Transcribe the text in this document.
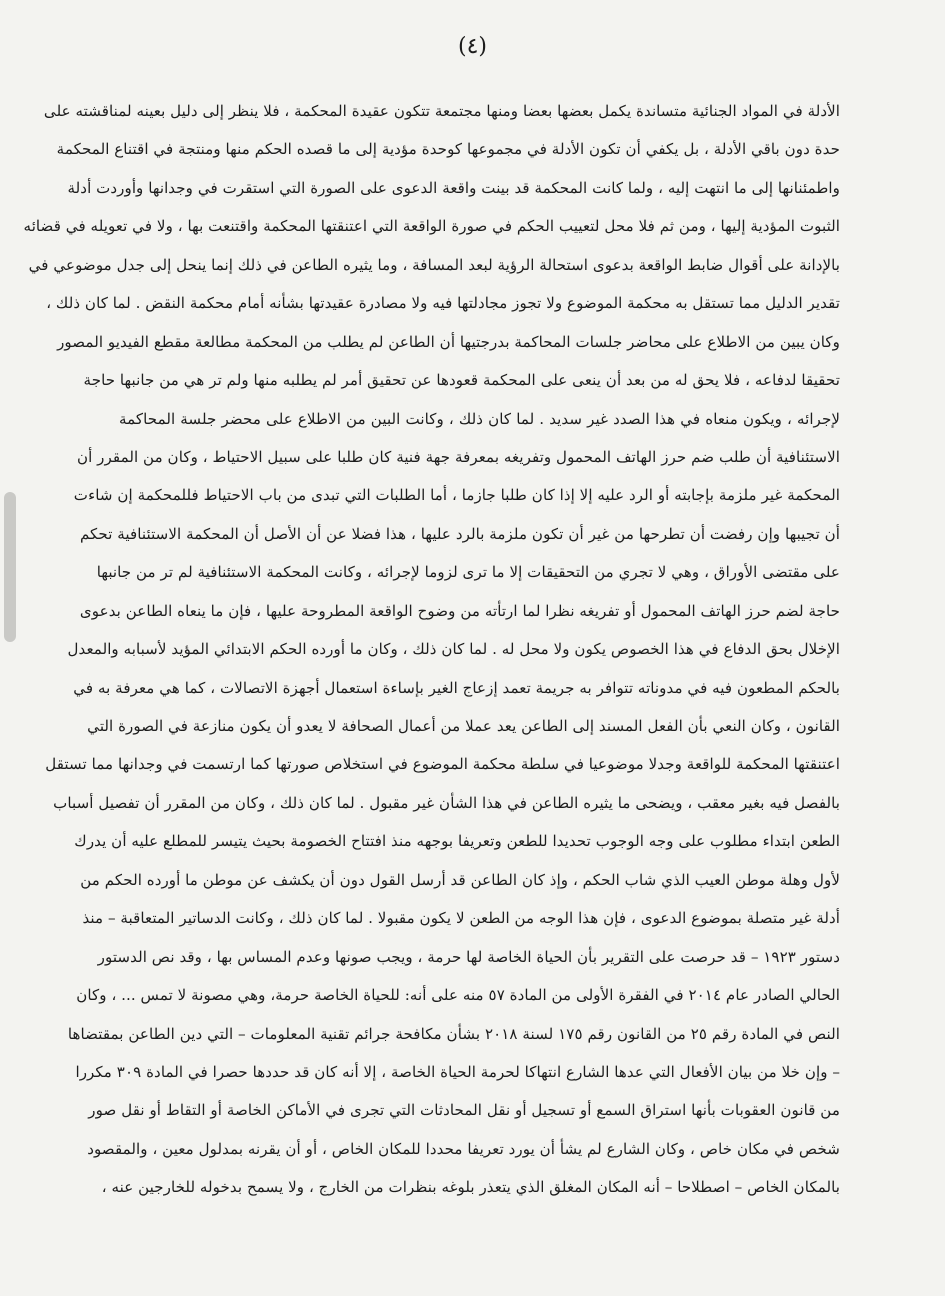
(٤)
الأدلة في المواد الجنائية متساندة يكمل بعضها بعضا ومنها مجتمعة تتكون عقيدة المحكمة ، فلا ينظر إلى دليل بعينه لمناقشته على
حدة دون باقي الأدلة ، بل يكفي أن تكون الأدلة في مجموعها كوحدة مؤدية إلى ما قصده الحكم منها ومنتجة في اقتناع المحكمة
واطمئنانها إلى ما انتهت إليه ، ولما كانت المحكمة قد بينت واقعة الدعوى على الصورة التي استقرت في وجدانها وأوردت أدلة
الثبوت المؤدية إليها ، ومن ثم فلا محل لتعييب الحكم في صورة الواقعة التي اعتنقتها المحكمة واقتنعت بها ، ولا في تعويله في قضائه
بالإدانة على أقوال ضابط الواقعة بدعوى استحالة الرؤية لبعد المسافة ، وما يثيره الطاعن في ذلك إنما ينحل إلى جدل موضوعي في
تقدير الدليل مما تستقل به محكمة الموضوع ولا تجوز مجادلتها فيه ولا مصادرة عقيدتها بشأنه أمام محكمة النقض . لما كان ذلك ،
وكان يبين من الاطلاع على محاضر جلسات المحاكمة بدرجتيها أن الطاعن لم يطلب من المحكمة مطالعة مقطع الفيديو المصور
تحقيقا لدفاعه ، فلا يحق له من بعد أن ينعى على المحكمة قعودها عن تحقيق أمر لم يطلبه منها ولم تر هي من جانبها حاجة
لإجرائه ، ويكون منعاه في هذا الصدد غير سديد . لما كان ذلك ، وكانت البين من الاطلاع على محضر جلسة المحاكمة
الاستئنافية أن طلب ضم حرز الهاتف المحمول وتفريغه بمعرفة جهة فنية كان طلبا على سبيل الاحتياط ، وكان من المقرر أن
المحكمة غير ملزمة بإجابته أو الرد عليه إلا إذا كان طلبا جازما ، أما الطلبات التي تبدى من باب الاحتياط فللمحكمة إن شاءت
أن تجيبها وإن رفضت أن تطرحها من غير أن تكون ملزمة بالرد عليها ، هذا فضلا عن أن الأصل أن المحكمة الاستئنافية تحكم
على مقتضى الأوراق ، وهي لا تجري من التحقيقات إلا ما ترى لزوما لإجرائه ، وكانت المحكمة الاستئنافية لم تر من جانبها
حاجة لضم حرز الهاتف المحمول أو تفريغه نظرا لما ارتأته من وضوح الواقعة المطروحة عليها ، فإن ما ينعاه الطاعن بدعوى
الإخلال بحق الدفاع في هذا الخصوص يكون ولا محل له . لما كان ذلك ، وكان ما أورده الحكم الابتدائي المؤيد لأسبابه والمعدل
بالحكم المطعون فيه في مدوناته تتوافر به جريمة تعمد إزعاج الغير بإساءة استعمال أجهزة الاتصالات ، كما هي معرفة به في
القانون ، وكان النعي بأن الفعل المسند إلى الطاعن يعد عملا من أعمال الصحافة لا يعدو أن يكون منازعة في الصورة التي
اعتنقتها المحكمة للواقعة وجدلا موضوعيا في سلطة محكمة الموضوع في استخلاص صورتها كما ارتسمت في وجدانها مما تستقل
بالفصل فيه بغير معقب ، ويضحى ما يثيره الطاعن في هذا الشأن غير مقبول . لما كان ذلك ، وكان من المقرر أن تفصيل أسباب
الطعن ابتداء مطلوب على وجه الوجوب تحديدا للطعن وتعريفا بوجهه منذ افتتاح الخصومة بحيث يتيسر للمطلع عليه أن يدرك
لأول وهلة موطن العيب الذي شاب الحكم ، وإذ كان الطاعن قد أرسل القول دون أن يكشف عن موطن ما أورده الحكم من
أدلة غير متصلة بموضوع الدعوى ، فإن هذا الوجه من الطعن لا يكون مقبولا . لما كان ذلك ، وكانت الدساتير المتعاقبة – منذ
دستور ١٩٢٣ – قد حرصت على التقرير بأن الحياة الخاصة لها حرمة ، ويجب صونها وعدم المساس بها ، وقد نص الدستور
الحالي الصادر عام ٢٠١٤ في الفقرة الأولى من المادة ٥٧ منه على أنه: للحياة الخاصة حرمة، وهي مصونة لا تمس ... ، وكان
النص في المادة رقم ٢٥ من القانون رقم ١٧٥ لسنة ٢٠١٨ بشأن مكافحة جرائم تقنية المعلومات – التي دين الطاعن بمقتضاها
– وإن خلا من بيان الأفعال التي عدها الشارع انتهاكا لحرمة الحياة الخاصة ، إلا أنه كان قد حددها حصرا في المادة ٣٠٩ مكررا
من قانون العقوبات بأنها استراق السمع أو تسجيل أو نقل المحادثات التي تجرى في الأماكن الخاصة أو التقاط أو نقل صور
شخص في مكان خاص ، وكان الشارع لم يشأ أن يورد تعريفا محددا للمكان الخاص ، أو أن يقرنه بمدلول معين ، والمقصود
بالمكان الخاص – اصطلاحا – أنه المكان المغلق الذي يتعذر بلوغه بنظرات من الخارج ، ولا يسمح بدخوله للخارجين عنه ،
